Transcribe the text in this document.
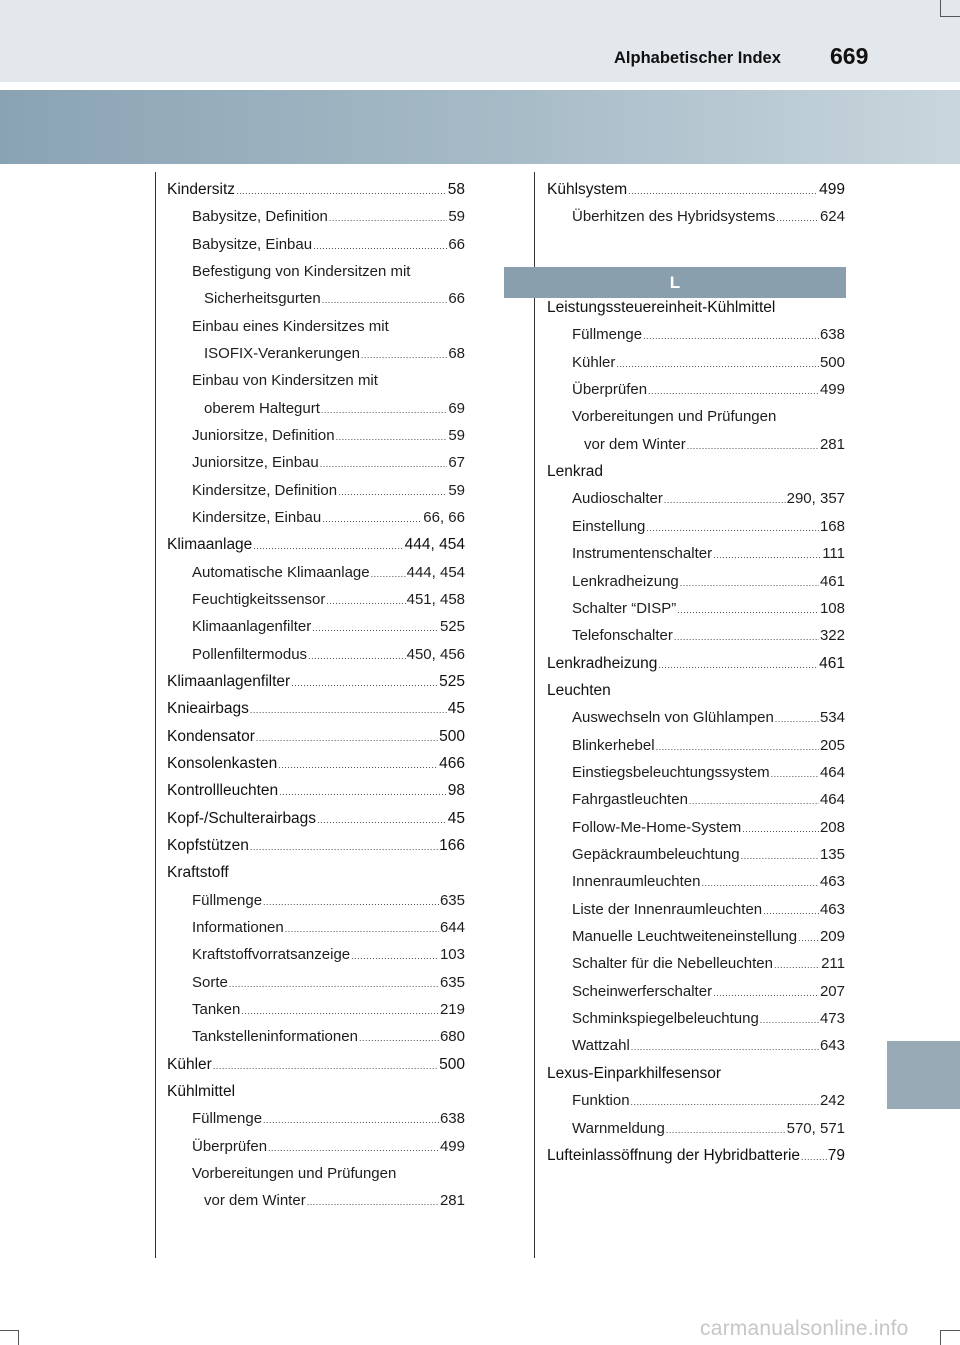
Alphabetischer Index 669
Kindersitz .....	58
Babysitze, Definition .....	59
Babysitze, Einbau .....	66
Befestigung von Kindersitzen mit
Sicherheitsgurten .....	66
Einbau eines Kindersitzes mit
ISOFIX-Verankerungen .....	68
Einbau von Kindersitzen mit
oberem Haltegurt .....	69
Juniorsitze, Definition .....	59
Juniorsitze, Einbau .....	67
Kindersitze, Definition .....	59
Kindersitze, Einbau .....	66, 66
Klimaanlage .....	444, 454
Automatische Klimaanlage ..... 444, 454
Feuchtigkeitssensor .....	451, 458
Klimaanlagenfilter .....	525
Pollenfiltermodus .....	450, 456
Klimaanlagenfilter .....	525
Knieairbags .....	45
Kondensator .....	500
Konsolenkasten .....	466
Kontrollleuchten .....	98
Kopf-/Schulterairbags .....	45
Kopfstützen .....	166
Kraftstoff
Füllmenge .....	635
Informationen .....	644
Kraftstoffvorratsanzeige .....	103
Sorte .....	635
Tanken .....	219
Tankstelleninformationen .....	680
Kühler .....	500
Kühlmittel
Füllmenge .....	638
Überprüfen .....	499
Vorbereitungen und Prüfungen
vor dem Winter .....	281
Kühlsystem .....	499
Überhitzen des Hybridsystems .....	624
L
Leistungssteuereinheit-Kühlmittel
Füllmenge .....	638
Kühler .....	500
Überprüfen .....	499
Vorbereitungen und Prüfungen
vor dem Winter .....	281
Lenkrad
Audioschalter .....	290, 357
Einstellung .....	168
Instrumentenschalter .....	111
Lenkradheizung .....	461
Schalter “DISP” .....	108
Telefonschalter .....	322
Lenkradheizung .....	461
Leuchten
Auswechseln von Glühlampen .....	534
Blinkerhebel .....	205
Einstiegsbeleuchtungssystem .....	464
Fahrgastleuchten .....	464
Follow-Me-Home-System .....	208
Gepäckraumbeleuchtung .....	135
Innenraumleuchten .....	463
Liste der Innenraumleuchten .....	463
Manuelle Leuchtweiteneinstellung ..... 209
Schalter für die Nebelleuchten .....	211
Scheinwerferschalter .....	207
Schminkspiegelbeleuchtung .....	473
Wattzahl .....	643
Lexus-Einparkhilfesensor
Funktion .....	242
Warnmeldung .....	570, 571
Lufteinlassöffnung der Hybridbatterie ..... 79
carmanualsonline.info
